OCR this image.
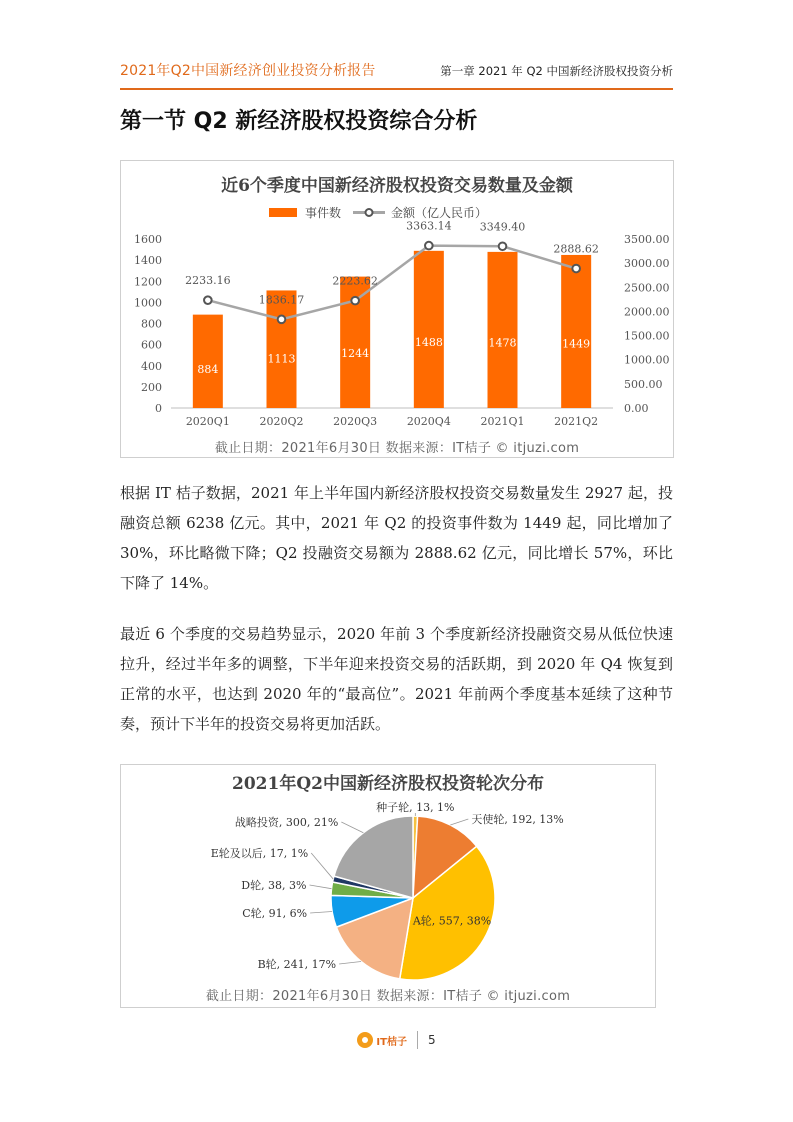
2021年Q2中国新经济创业投资分析报告	第一章 2021 年 Q2 中国新经济股权投资分析
第一节 Q2 新经济股权投资综合分析
近6个季度中国新经济股权投资交易数量及金额
事件数	金额（亿人民币）
0
200
400
600
800
1000
1200
1400
1600
0.00
500.00
1000.00
1500.00
2000.00
2500.00
3000.00
3500.00
884
2020Q1
1113
2020Q2
1244
2020Q3
1488
2020Q4
1478
2021Q1
1449
2021Q2
2233.16
1836.17
2223.62
3363.14	3349.40
2888.62
截止日期：2021年6月30日 数据来源：IT桔子 © itjuzi.com
根据 IT 桔子数据，2021 年上半年国内新经济股权投资交易数量发生 2927 起，投融资总额 6238 亿元。其中，2021 年 Q2 的投资事件数为 1449 起，同比增加了 30%，环比略微下降；Q2 投融资交易额为 2888.62 亿元，同比增长 57%，环比下降了 14%。
最近 6 个季度的交易趋势显示，2020 年前 3 个季度新经济投融资交易从低位快速拉升，经过半年多的调整，下半年迎来投资交易的活跃期，到 2020 年 Q4 恢复到正常的水平，也达到 2020 年的“最高位”。2021 年前两个季度基本延续了这种节奏，预计下半年的投资交易将更加活跃。
2021年Q2中国新经济股权投资轮次分布
种子轮, 13, 1%
天使轮, 192, 13%
A轮, 557, 38%
B轮, 241, 17%
C轮, 91, 6%
D轮, 38, 3%
E轮及以后, 17, 1%
战略投资, 300, 21%
截止日期：2021年6月30日 数据来源：IT桔子 © itjuzi.com
IT桔子 5
